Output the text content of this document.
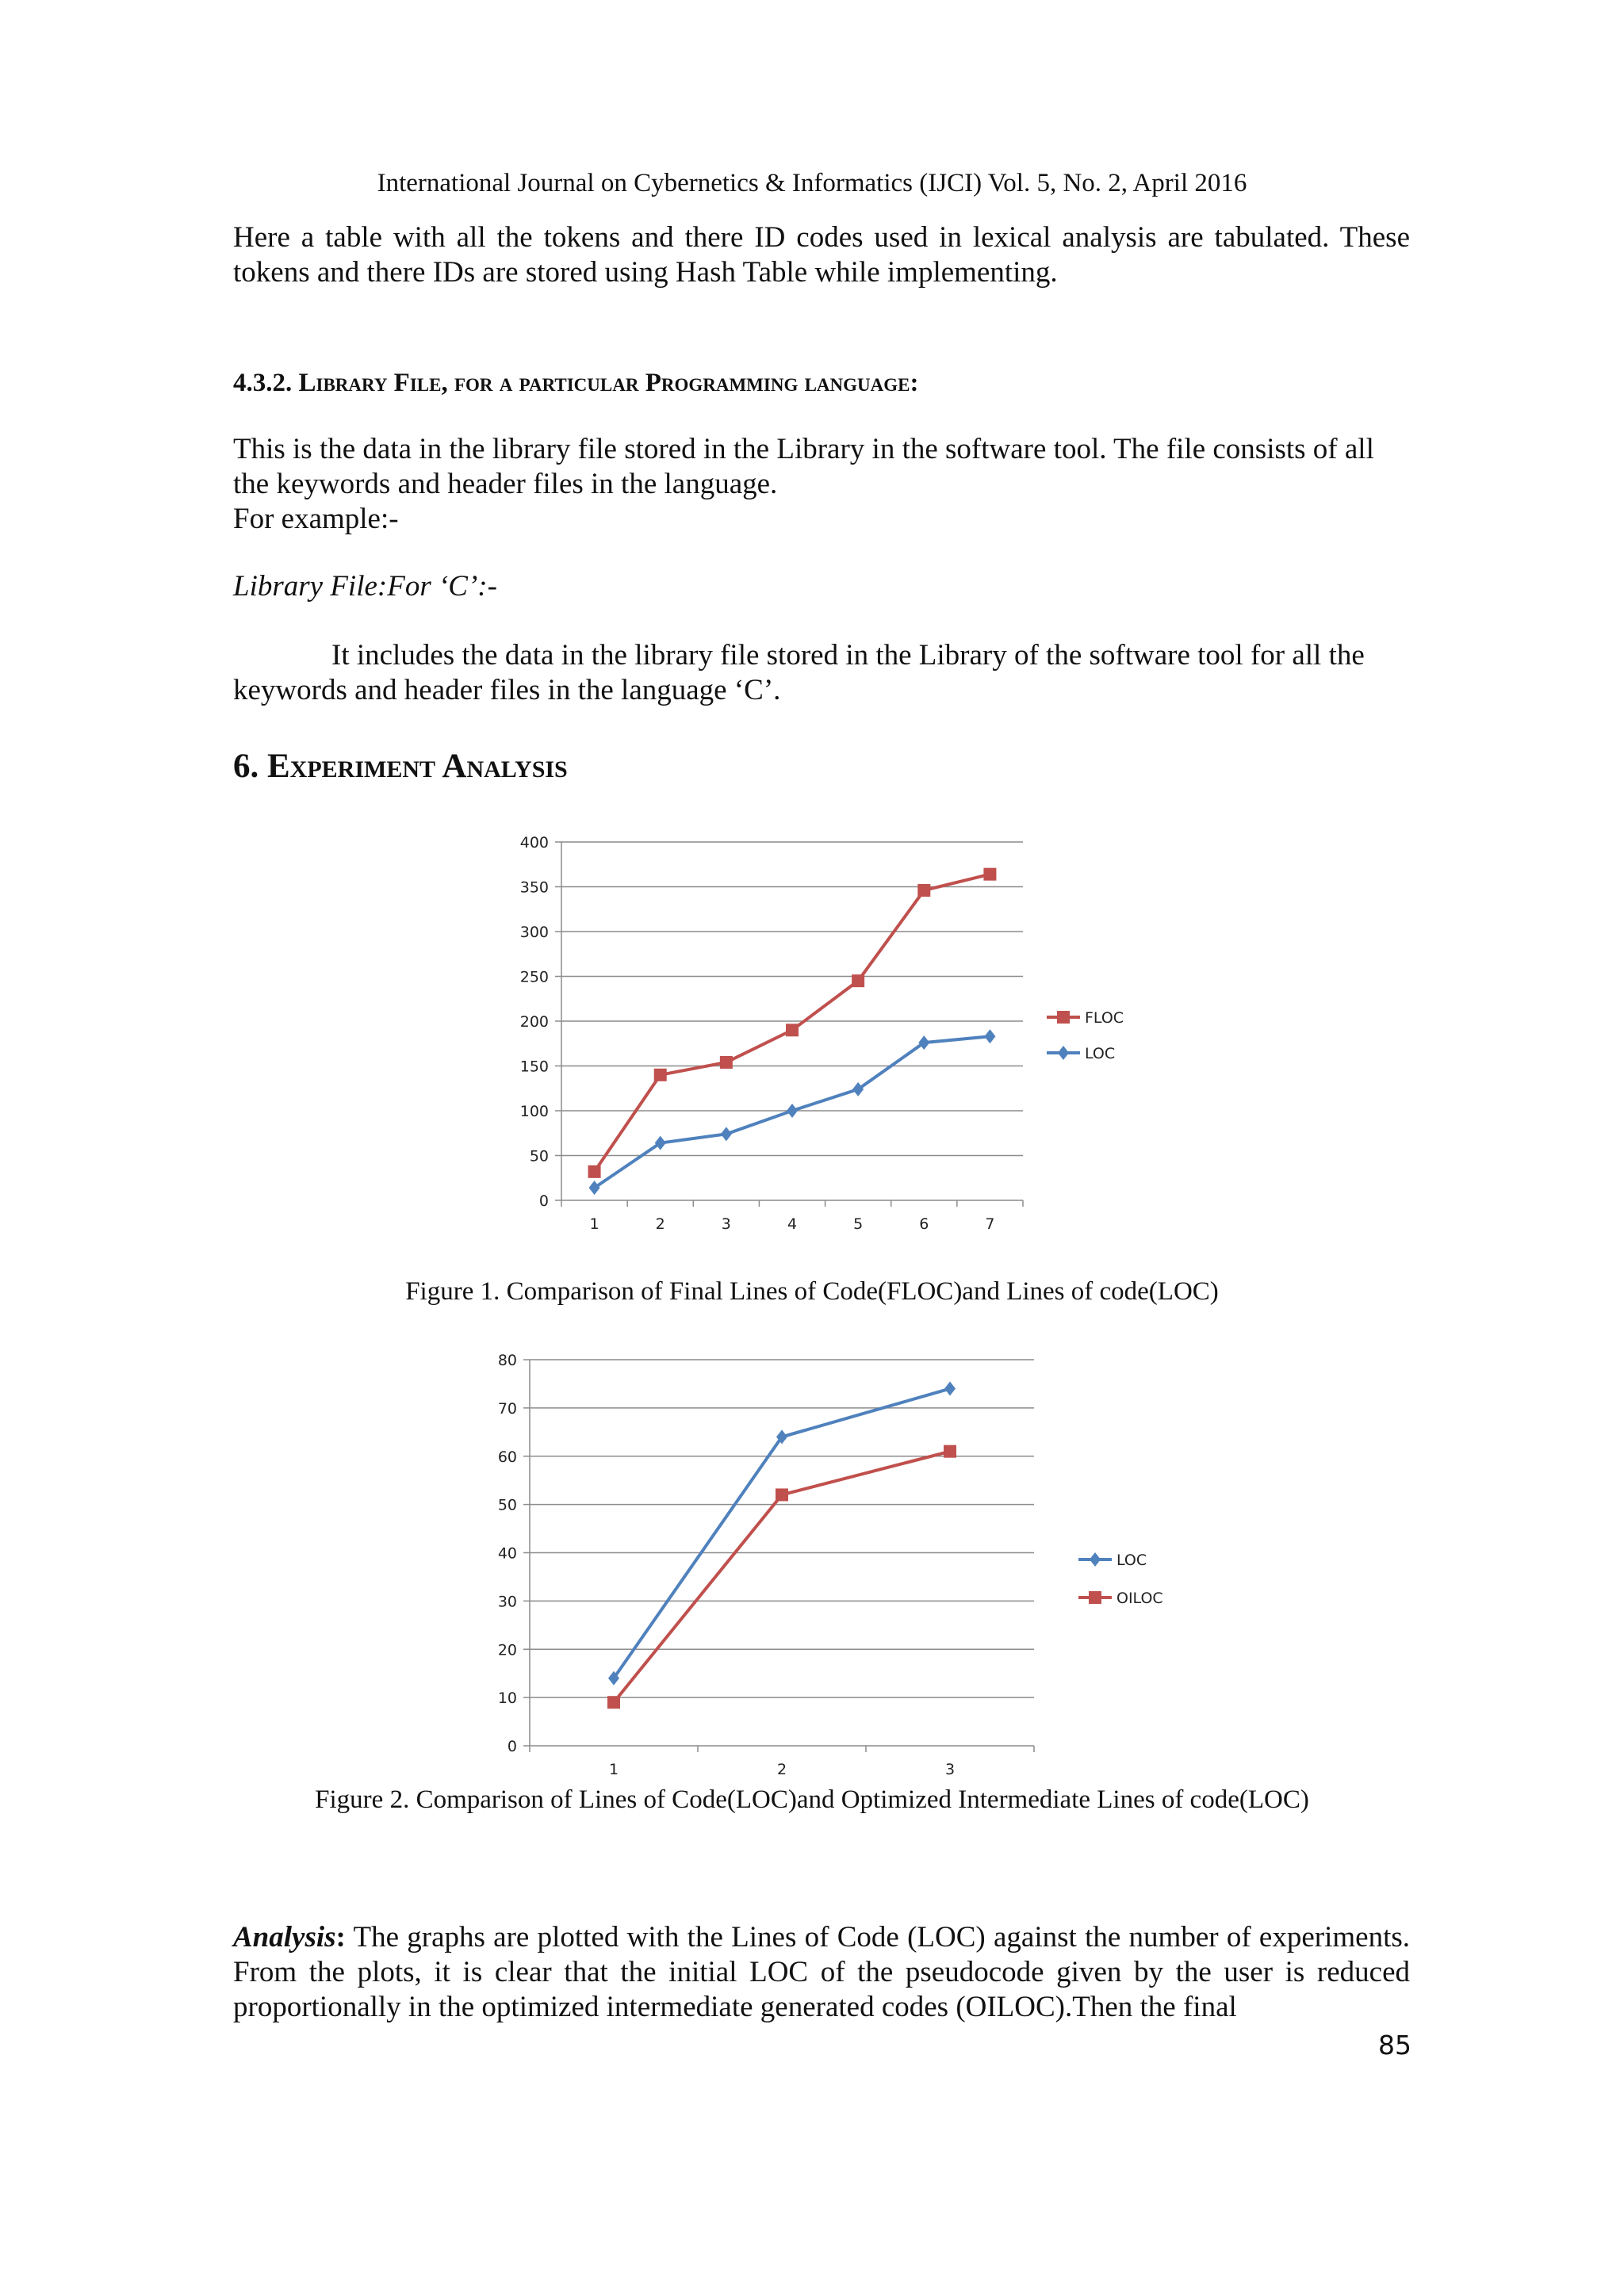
International Journal on Cybernetics & Informatics (IJCI) Vol. 5, No. 2, April 2016
Here a table with all the tokens and there ID codes used in lexical analysis are tabulated. These tokens and there IDs are stored using Hash Table while implementing.
4.3.2. Library File, for a particular Programming language:
This is the data in the library file stored in the Library in the software tool. The file consists of all the keywords and header files in the language.
For example:-
Library File:For ‘C’:-
It includes the data in the library file stored in the Library of the software tool for all the keywords and header files in the language ‘C’.
6. Experiment Analysis
0
50
100
150
200
250
300
350
400
1	2	3	4	5	6	7
FLOC
LOC
Figure 1. Comparison of Final Lines of Code(FLOC)and Lines of code(LOC)
0
10
20
30
40
50
60
70
80
1	2	3
LOC
OILOC
Figure 2. Comparison of Lines of Code(LOC)and Optimized Intermediate Lines of code(LOC)
Analysis: The graphs are plotted with the Lines of Code (LOC) against the number of experiments. From the plots, it is clear that the initial LOC of the pseudocode given by the user is reduced proportionally in the optimized intermediate generated codes (OILOC).Then the final
85
